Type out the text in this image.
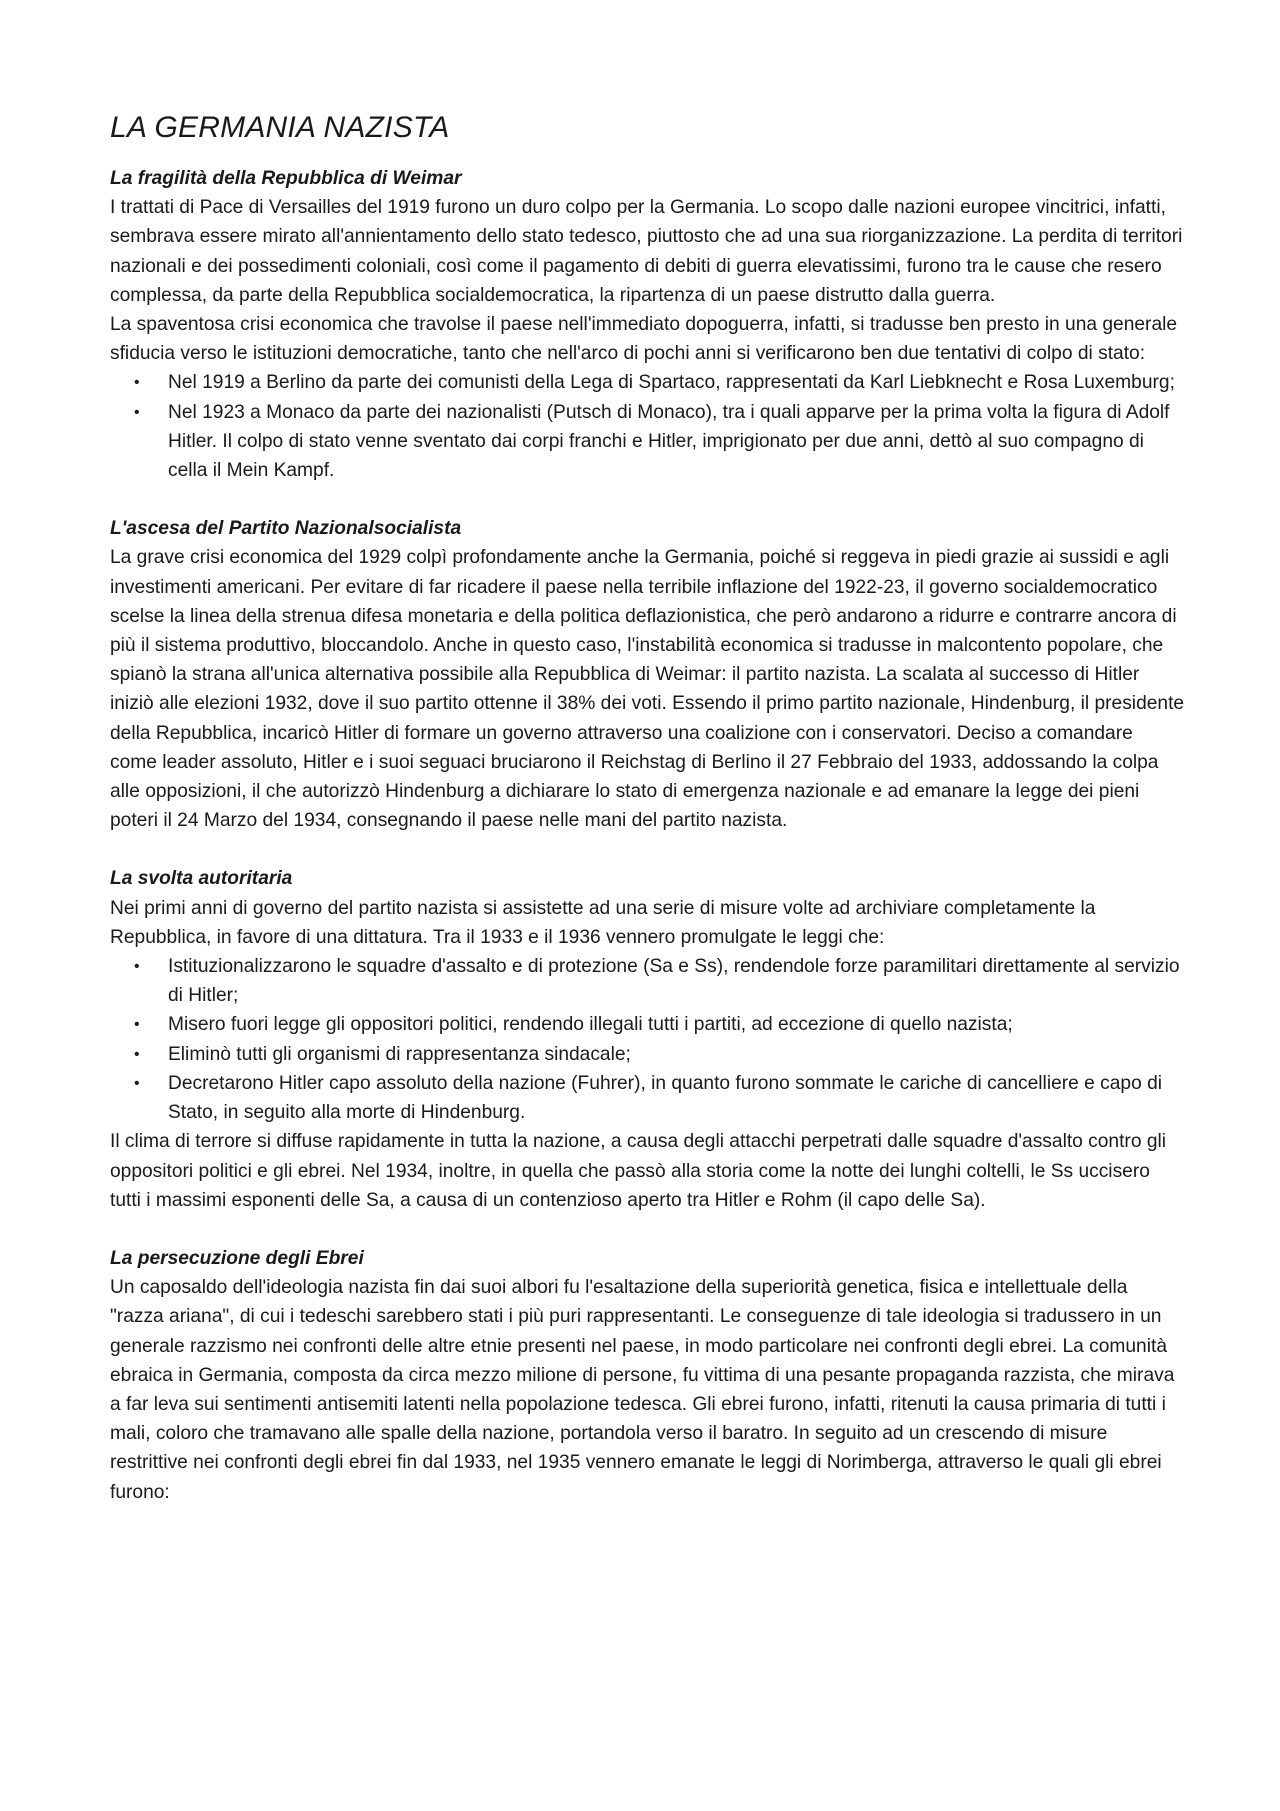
LA GERMANIA NAZISTA

La fragilità della Repubblica di Weimar

I trattati di Pace di Versailles del 1919 furono un duro colpo per la Germania. Lo scopo dalle nazioni europee vincitrici, infatti, sembrava essere mirato all'annientamento dello stato tedesco, piuttosto che ad una sua riorganizzazione. La perdita di territori nazionali e dei possedimenti coloniali, così come il pagamento di debiti di guerra elevatissimi, furono tra le cause che resero complessa, da parte della Repubblica socialdemocratica, la ripartenza di un paese distrutto dalla guerra.

La spaventosa crisi economica che travolse il paese nell'immediato dopoguerra, infatti, si tradusse ben presto in una generale sfiducia verso le istituzioni democratiche, tanto che nell'arco di pochi anni si verificarono ben due tentativi di colpo di stato:

• Nel 1919 a Berlino da parte dei comunisti della Lega di Spartaco, rappresentati da Karl Liebknecht e Rosa Luxemburg;
• Nel 1923 a Monaco da parte dei nazionalisti (Putsch di Monaco), tra i quali apparve per la prima volta la figura di Adolf Hitler. Il colpo di stato venne sventato dai corpi franchi e Hitler, imprigionato per due anni, dettò al suo compagno di cella il Mein Kampf.

L'ascesa del Partito Nazionalsocialista

La grave crisi economica del 1929 colpì profondamente anche la Germania, poiché si reggeva in piedi grazie ai sussidi e agli investimenti americani. Per evitare di far ricadere il paese nella terribile inflazione del 1922-23, il governo socialdemocratico scelse la linea della strenua difesa monetaria e della politica deflazionistica, che però andarono a ridurre e contrarre ancora di più il sistema produttivo, bloccandolo. Anche in questo caso, l'instabilità economica si tradusse in malcontento popolare, che spianò la strana all'unica alternativa possibile alla Repubblica di Weimar: il partito nazista. La scalata al successo di Hitler iniziò alle elezioni 1932, dove il suo partito ottenne il 38% dei voti. Essendo il primo partito nazionale, Hindenburg, il presidente della Repubblica, incaricò Hitler di formare un governo attraverso una coalizione con i conservatori. Deciso a comandare come leader assoluto, Hitler e i suoi seguaci bruciarono il Reichstag di Berlino il 27 Febbraio del 1933, addossando la colpa alle opposizioni, il che autorizzò Hindenburg a dichiarare lo stato di emergenza nazionale e ad emanare la legge dei pieni poteri il 24 Marzo del 1934, consegnando il paese nelle mani del partito nazista.

La svolta autoritaria

Nei primi anni di governo del partito nazista si assistette ad una serie di misure volte ad archiviare completamente la Repubblica, in favore di una dittatura. Tra il 1933 e il 1936 vennero promulgate le leggi che:

• Istituzionalizzarono le squadre d'assalto e di protezione (Sa e Ss), rendendole forze paramilitari direttamente al servizio di Hitler;
• Misero fuori legge gli oppositori politici, rendendo illegali tutti i partiti, ad eccezione di quello nazista;
• Eliminò tutti gli organismi di rappresentanza sindacale;
• Decretarono Hitler capo assoluto della nazione (Fuhrer), in quanto furono sommate le cariche di cancelliere e capo di Stato, in seguito alla morte di Hindenburg.

Il clima di terrore si diffuse rapidamente in tutta la nazione, a causa degli attacchi perpetrati dalle squadre d'assalto contro gli oppositori politici e gli ebrei. Nel 1934, inoltre, in quella che passò alla storia come la notte dei lunghi coltelli, le Ss uccisero tutti i massimi esponenti delle Sa, a causa di un contenzioso aperto tra Hitler e Rohm (il capo delle Sa).

La persecuzione degli Ebrei

Un caposaldo dell'ideologia nazista fin dai suoi albori fu l'esaltazione della superiorità genetica, fisica e intellettuale della "razza ariana", di cui i tedeschi sarebbero stati i più puri rappresentanti. Le conseguenze di tale ideologia si tradussero in un generale razzismo nei confronti delle altre etnie presenti nel paese, in modo particolare nei confronti degli ebrei. La comunità ebraica in Germania, composta da circa mezzo milione di persone, fu vittima di una pesante propaganda razzista, che mirava a far leva sui sentimenti antisemiti latenti nella popolazione tedesca. Gli ebrei furono, infatti, ritenuti la causa primaria di tutti i mali, coloro che tramavano alle spalle della nazione, portandola verso il baratro. In seguito ad un crescendo di misure restrittive nei confronti degli ebrei fin dal 1933, nel 1935 vennero emanate le leggi di Norimberga, attraverso le quali gli ebrei furono:
